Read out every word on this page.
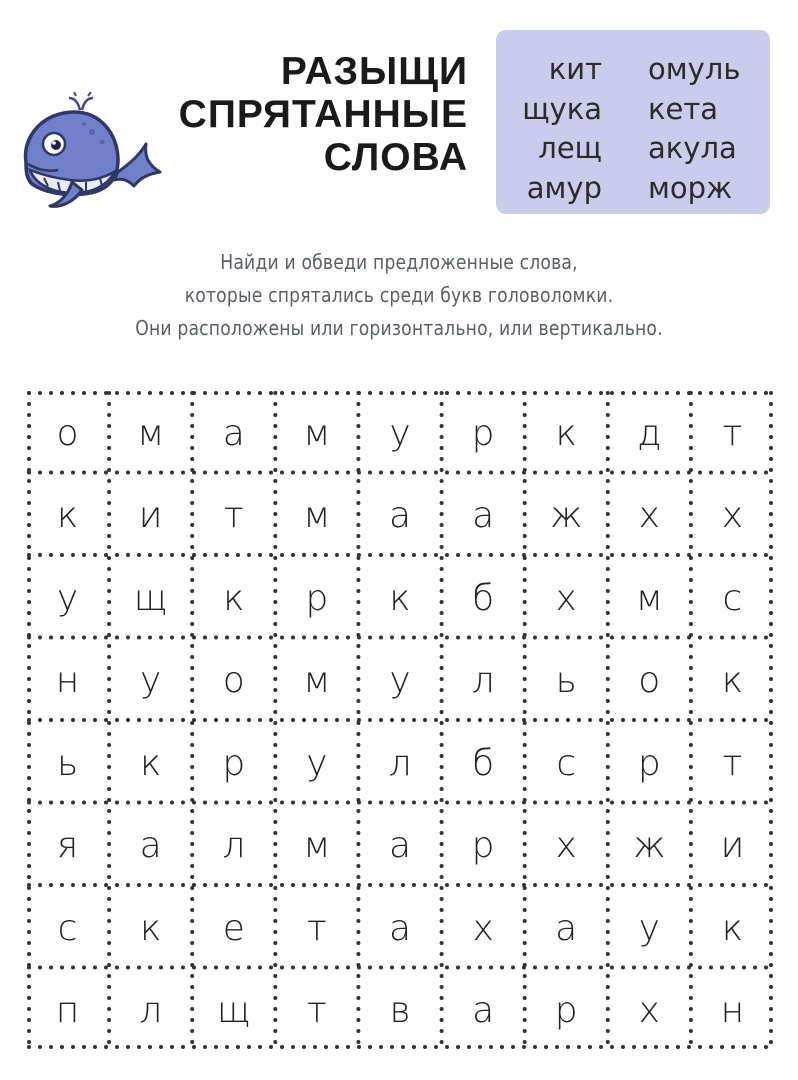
РАЗЫЩИ
СПРЯТАННЫЕ
СЛОВА
кит
щука
лещ
амур
омуль
кета
акула
морж
Найди и обведи предложенные слова,
которые спрятались среди букв головоломки.
Они расположены или горизонтально, или вертикально.
о	м	а	м	у	р	к	д	т
к	и	т	м	а	а	ж	х	х
у	щ	к	р	к	б	х	м	с
н	у	о	м	у	л	ь	о	к
ь	к	р	у	л	б	с	р	т
я	а	л	м	а	р	х	ж	и
с	к	е	т	а	х	а	у	к
п	л	щ	т	в	а	р	х	н
